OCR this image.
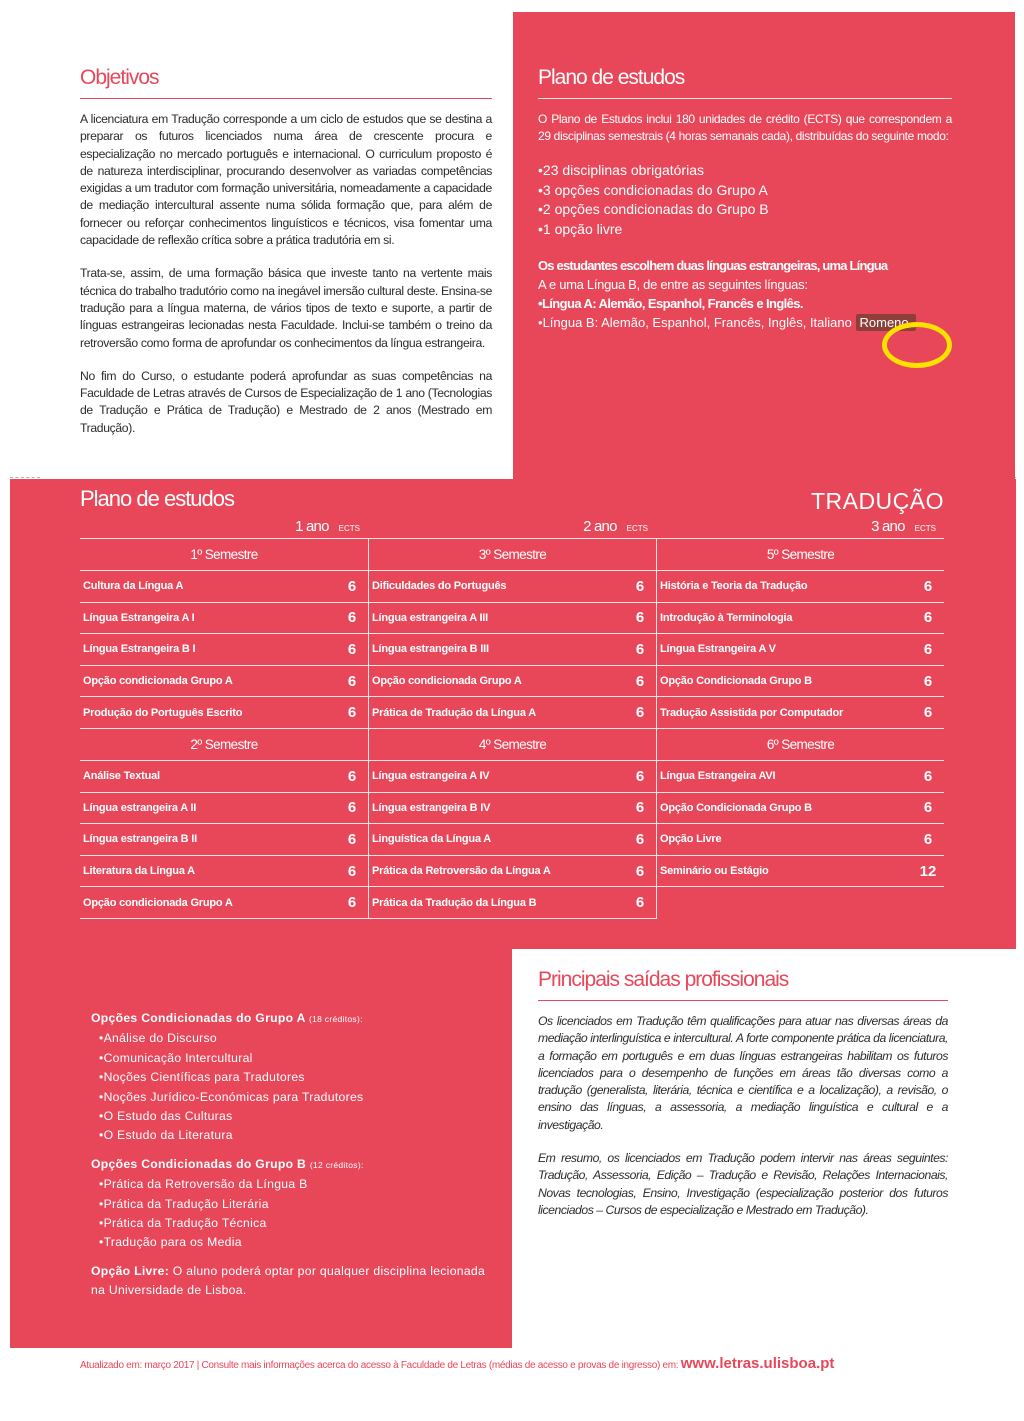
Objetivos

A licenciatura em Tradução corresponde a um ciclo de estudos que se destina a preparar os futuros licenciados numa área de crescente procura e especialização no mercado português e internacional. O curriculum proposto é de natureza interdisciplinar, procurando desenvolver as variadas competências exigidas a um tradutor com formação universitária, nomeadamente a capacidade de mediação intercultural assente numa sólida formação que, para além de fornecer ou reforçar conhecimentos linguísticos e técnicos, visa fomentar uma capacidade de reflexão crítica sobre a prática tradutória em si.

Trata-se, assim, de uma formação básica que investe tanto na vertente mais técnica do trabalho tradutório como na inegável imersão cultural deste. Ensina-se tradução para a língua materna, de vários tipos de texto e suporte, a partir de línguas estrangeiras lecionadas nesta Faculdade. Inclui-se também o treino da retroversão como forma de aprofundar os conhecimentos da língua estrangeira.

No fim do Curso, o estudante poderá aprofundar as suas competências na Faculdade de Letras através de Cursos de Especialização de 1 ano (Tecnologias de Tradução e Prática de Tradução) e Mestrado de 2 anos (Mestrado em Tradução).

Plano de estudos

O Plano de Estudos inclui 180 unidades de crédito (ECTS) que correspondem a 29 disciplinas semestrais (4 horas semanais cada), distribuídas do seguinte modo:

• 23 disciplinas obrigatórias
• 3 opções condicionadas do Grupo A
• 2 opções condicionadas do Grupo B
• 1 opção livre

Os estudantes escolhem duas línguas estrangeiras, uma Língua
A e uma Língua B, de entre as seguintes línguas:

• Língua A: Alemão, Espanhol, Francês e Inglês.
• Língua B: Alemão, Espanhol, Francês, Inglês, Italiano Romeno.
Plano de estudos	TRADUÇÃO
1 ano ECTS	2 ano ECTS	3 ano ECTS
1º Semestre
Cultura da Língua A	6
Língua Estrangeira A I	6
Língua Estrangeira B I	6
Opção condicionada Grupo A	6
Produção do Português Escrito	6
2º Semestre
Análise Textual	6
Língua estrangeira A II	6
Língua estrangeira B II	6
Literatura da Língua A	6
Opção condicionada Grupo A	6
3º Semestre
Dificuldades do Português	6
Língua estrangeira A III	6
Língua estrangeira B III	6
Opção condicionada Grupo A	6
Prática de Tradução da Língua A	6
4º Semestre
Língua estrangeira A IV	6
Língua estrangeira B IV	6
Linguística da Língua A	6
Prática da Retroversão da Língua A	6
Prática da Tradução da Língua B	6
5º Semestre
História e Teoria da Tradução	6
Introdução à Terminologia	6
Língua Estrangeira A V	6
Opção Condicionada Grupo B	6
Tradução Assistida por Computador	6
6º Semestre
Língua Estrangeira AVI	6
Opção Condicionada Grupo B	6
Opção Livre	6
Seminário ou Estágio	12
Opções Condicionadas do Grupo A (18 créditos):
• Análise do Discurso
• Comunicação Intercultural
• Noções Científicas para Tradutores
• Noções Jurídico-Económicas para Tradutores
• O Estudo das Culturas
• O Estudo da Literatura
Opções Condicionadas do Grupo B (12 créditos):
• Prática da Retroversão da Língua B
• Prática da Tradução Literária
• Prática da Tradução Técnica
• Tradução para os Media
Opção Livre: O aluno poderá optar por qualquer disciplina lecionada na Universidade de Lisboa.
Principais saídas profissionais

Os licenciados em Tradução têm qualificações para atuar nas diversas áreas da mediação interlinguística e intercultural. A forte componente prática da licenciatura, a formação em português e em duas línguas estrangeiras habilitam os futuros licenciados para o desempenho de funções em áreas tão diversas como a tradução (generalista, literária, técnica e científica e a localização), a revisão, o ensino das línguas, a assessoria, a mediação linguística e cultural e a investigação.

Em resumo, os licenciados em Tradução podem intervir nas áreas seguintes: Tradução, Assessoria, Edição – Tradução e Revisão, Relações Internacionais, Novas tecnologias, Ensino, Investigação (especialização posterior dos futuros licenciados – Cursos de especialização e Mestrado em Tradução).

Atualizado em: março 2017 | Consulte mais informações acerca do acesso à Faculdade de Letras (médias de acesso e provas de ingresso) em: www.letras.ulisboa.pt
